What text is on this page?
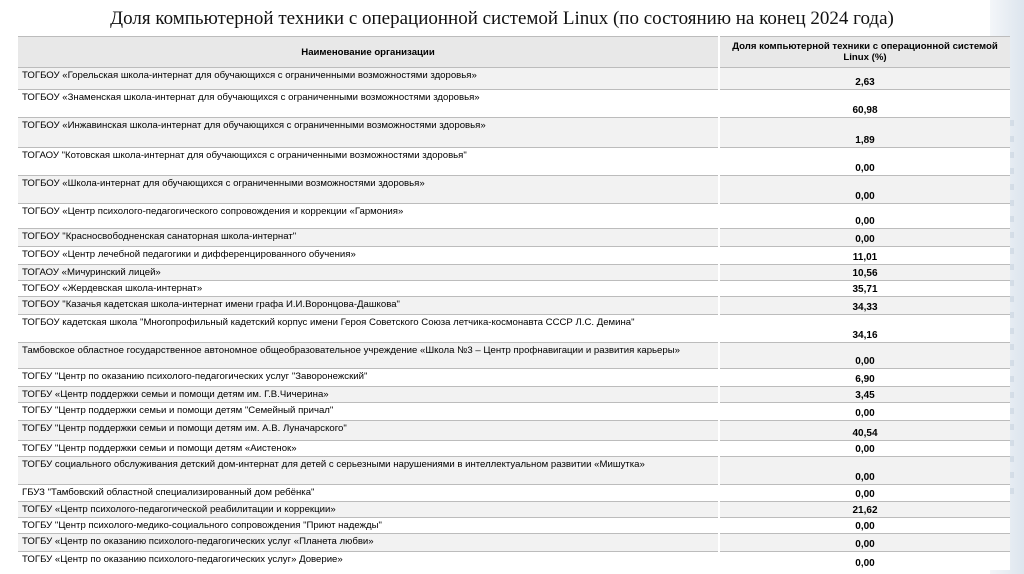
Доля компьютерной техники с операционной системой Linux (по состоянию на конец 2024 года)
Наименование организации	Доля компьютерной техники с операционной системой Linux (%)
ТОГБОУ «Горельская школа-интернат для обучающихся с ограниченными возможностями здоровья»	2,63
ТОГБОУ «Знаменская школа-интернат для обучающихся с ограниченными возможностями здоровья»	60,98
ТОГБОУ «Инжавинская школа-интернат для обучающихся с ограниченными возможностями здоровья»	1,89
ТОГАОУ "Котовская школа-интернат для обучающихся с ограниченными возможностями здоровья"	0,00
ТОГБОУ «Школа-интернат для обучающихся с ограниченными возможностями здоровья»	0,00
ТОГБОУ «Центр психолого-педагогического сопровождения и коррекции «Гармония»	0,00
ТОГБОУ "Красносвободненская санаторная школа-интернат"	0,00
ТОГБОУ «Центр лечебной педагогики и дифференцированного обучения»	11,01
ТОГАОУ «Мичуринский лицей»	10,56
ТОГБОУ «Жердевская школа-интернат»	35,71
ТОГБОУ "Казачья кадетская школа-интернат имени графа И.И.Воронцова-Дашкова"	34,33
ТОГБОУ кадетская школа "Многопрофильный кадетский корпус имени Героя Советского Союза летчика-космонавта СССР Л.С. Демина"	34,16
Тамбовское областное государственное автономное общеобразовательное учреждение «Школа №3 – Центр профнавигации и развития карьеры»	0,00
ТОГБУ "Центр по оказанию психолого-педагогических услуг "Заворонежский"	6,90
ТОГБУ «Центр поддержки семьи и помощи детям им. Г.В.Чичерина»	3,45
ТОГБУ "Центр поддержки семьи и помощи детям "Семейный причал"	0,00
ТОГБУ "Центр поддержки семьи и помощи детям им. А.В. Луначарского"	40,54
ТОГБУ "Центр поддержки семьи и помощи детям «Аистенок»	0,00
ТОГБУ социального обслуживания детский дом-интернат для детей с серьезными нарушениями в интеллектуальном развитии «Мишутка»	0,00
ГБУЗ "Тамбовский областной специализированный дом ребёнка"	0,00
ТОГБУ «Центр психолого-педагогической реабилитации и коррекции»	21,62
ТОГБУ "Центр психолого-медико-социального сопровождения "Приют надежды"	0,00
ТОГБУ «Центр по оказанию психолого-педагогических услуг «Планета любви»	0,00
ТОГБУ «Центр по оказанию психолого-педагогических услуг» Доверие»	0,00
